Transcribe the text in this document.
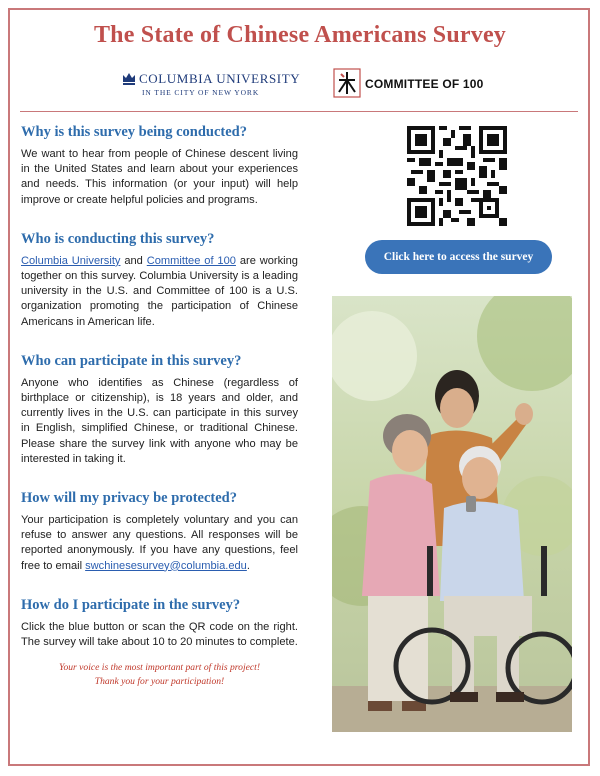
The State of Chinese Americans Survey
COLUMBIA UNIVERSITY
IN THE CITY OF NEW YORK
COMMITTEE OF 100
Why is this survey being conducted?

We want to hear from people of Chinese descent living in the United States and learn about your experiences and needs. This information (or your input) will help improve or create helpful policies and programs.

Who is conducting this survey?

Columbia University and Committee of 100 are working together on this survey. Columbia University is a leading university in the U.S. and Committee of 100 is a U.S. organization promoting the participation of Chinese Americans in American life.

Who can participate in this survey?

Anyone who identifies as Chinese (regardless of birthplace or citizenship), is 18 years and older, and currently lives in the U.S. can participate in this survey in English, simplified Chinese, or traditional Chinese. Please share the survey link with anyone who may be interested in taking it.

How will my privacy be protected?

Your participation is completely voluntary and you can refuse to answer any questions. All responses will be reported anonymously. If you have any questions, feel free to email swchinesesurvey@columbia.edu.

How do I participate in the survey?

Click the blue button or scan the QR code on the right. The survey will take about 10 to 20 minutes to complete.

Your voice is the most important part of this project!
Thank you for your participation!
Click here to access the survey
